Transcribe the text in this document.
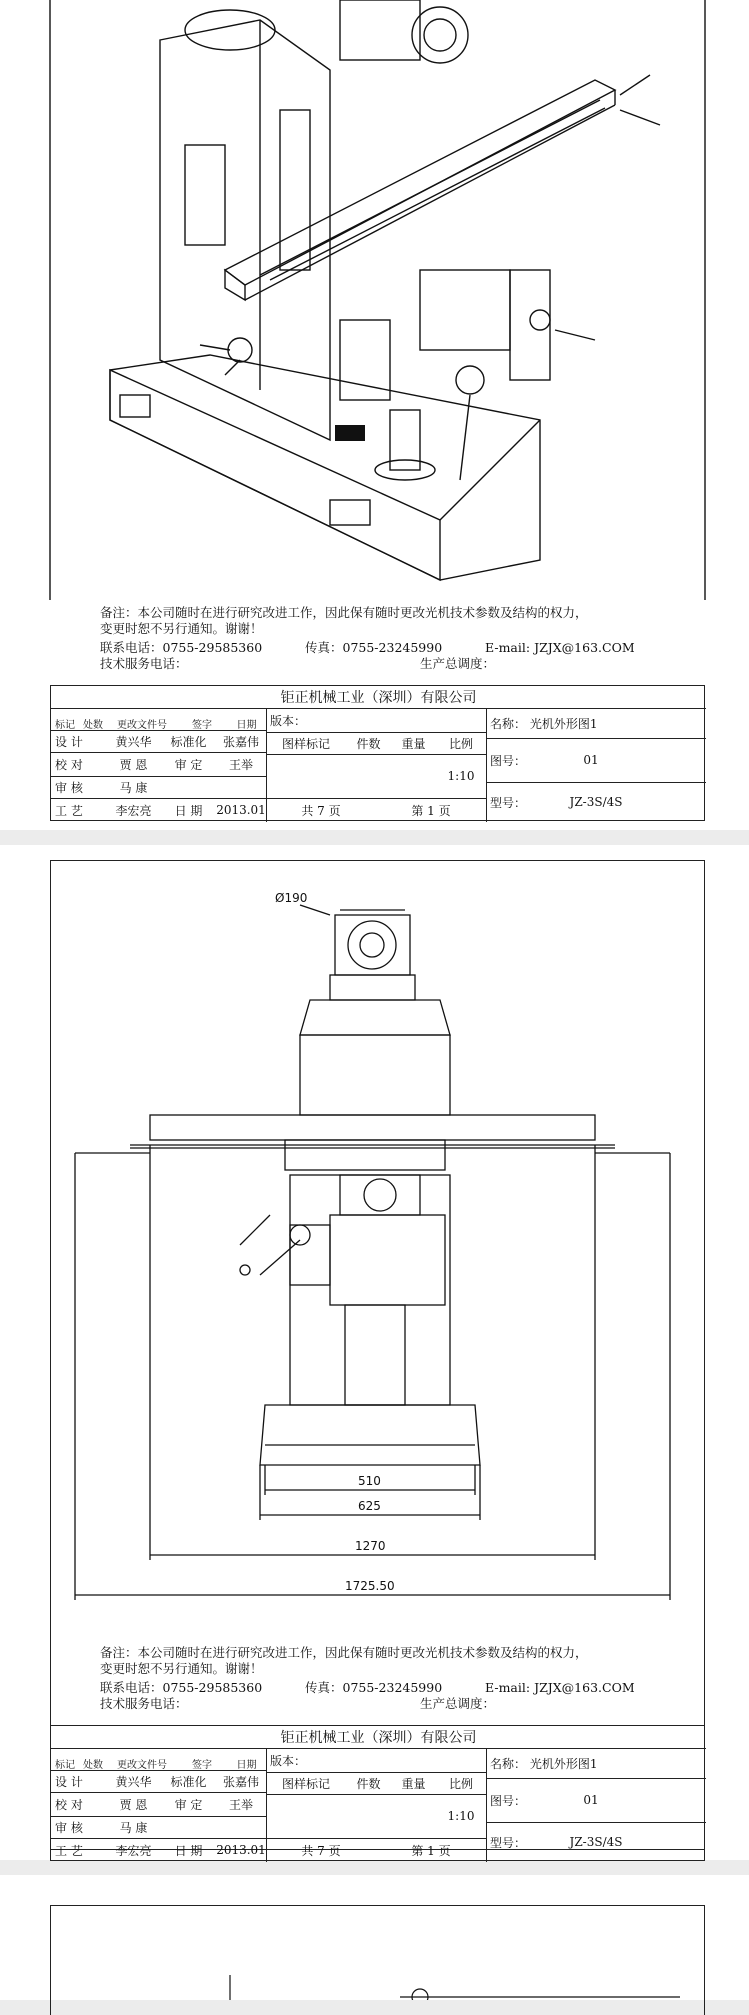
备注：本公司随时在进行研究改进工作，因此保有随时更改光机技术参数及结构的权力，
变更时恕不另行通知。谢谢！
联系电话：0755-29585360	传真：0755-23245990	E-mail: JZJX@163.COM
技术服务电话：	生产总调度：
钜正机械工业（深圳）有限公司
标记 处数	更改文件号	签字	日期
设 计	黄兴华	标准化	张嘉伟
校 对	贾 恩	审 定	王举
审 核	马 康
工 艺	李宏亮	日 期	2013.01
版本：
图样标记	件数	重量	比例
1:10
共 7 页	第 1 页
名称： 光机外形图1
图号：	01
型号：	JZ-3S/4S
Ø190
510
625
1270
1725.50
备注：本公司随时在进行研究改进工作，因此保有随时更改光机技术参数及结构的权力，
变更时恕不另行通知。谢谢！
联系电话：0755-29585360	传真：0755-23245990	E-mail: JZJX@163.COM
技术服务电话：	生产总调度：
钜正机械工业（深圳）有限公司
标记 处数	更改文件号	签字	日期
设 计	黄兴华	标准化	张嘉伟
校 对	贾 恩	审 定	王举
审 核	马 康
工 艺	李宏亮	日 期	2013.01
版本：
图样标记	件数	重量	比例
1:10
共 7 页	第 1 页
名称： 光机外形图1
图号：	01
型号：	JZ-3S/4S
